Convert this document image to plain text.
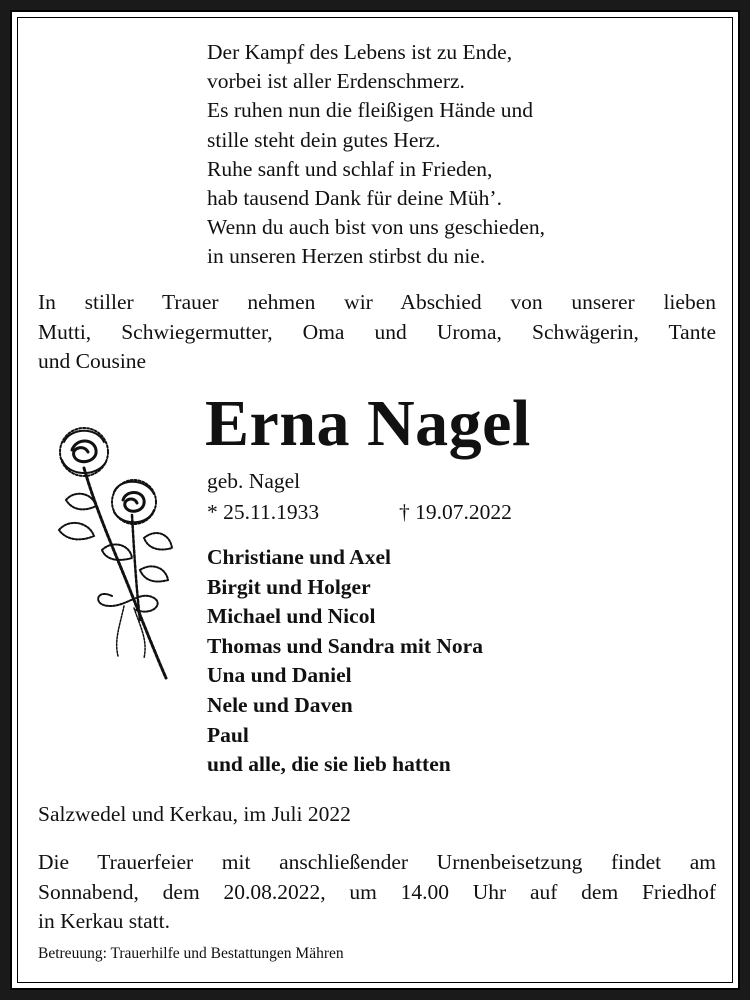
Der Kampf des Lebens ist zu Ende,
vorbei ist aller Erdenschmerz.
Es ruhen nun die fleißigen Hände und
stille steht dein gutes Herz.
Ruhe sanft und schlaf in Frieden,
hab tausend Dank für deine Müh’.
Wenn du auch bist von uns geschieden,
in unseren Herzen stirbst du nie.
In stiller Trauer nehmen wir Abschied von unserer lieben
Mutti, Schwiegermutter, Oma und Uroma, Schwägerin, Tante
und Cousine
Erna Nagel
geb. Nagel
* 25.11.1933	† 19.07.2022
Christiane und Axel
Birgit und Holger
Michael und Nicol
Thomas und Sandra mit Nora
Una und Daniel
Nele und Daven
Paul
und alle, die sie lieb hatten
Salzwedel und Kerkau, im Juli 2022
Die Trauerfeier mit anschließender Urnenbeisetzung findet am
Sonnabend, dem 20.08.2022, um 14.00 Uhr auf dem Friedhof
in Kerkau statt.
Betreuung: Trauerhilfe und Bestattungen Mähren
